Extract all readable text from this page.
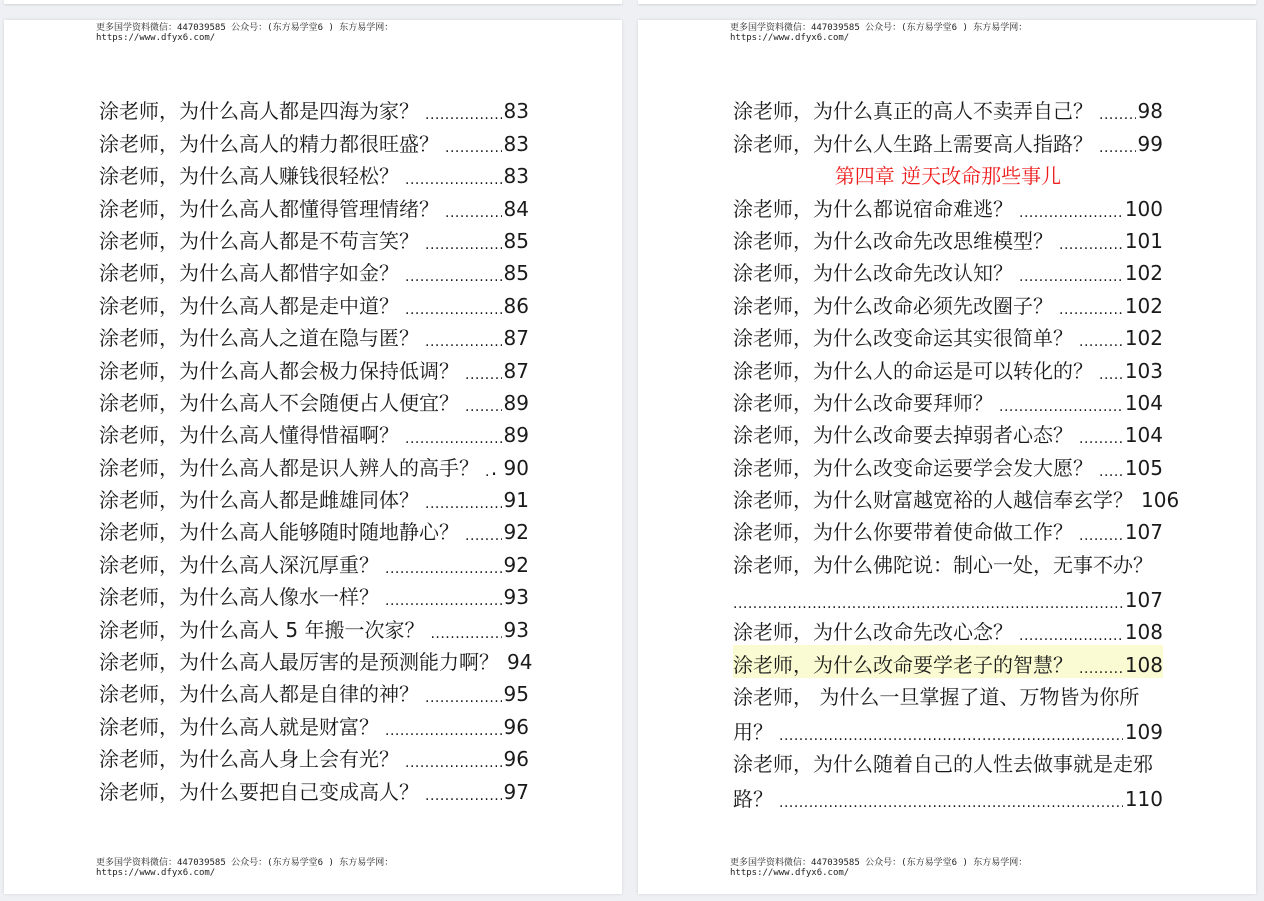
更多国学资料微信：447039585 公众号：(东方易学堂6 ) 东方易学网：
https://www.dfyx6.com/
涂老师，为什么高人都是四海为家？ .....	83
涂老师，为什么高人的精力都很旺盛？ .....	83
涂老师，为什么高人赚钱很轻松？ .....	83
涂老师，为什么高人都懂得管理情绪？ .....	84
涂老师，为什么高人都是不苟言笑？ .....	85
涂老师，为什么高人都惜字如金？ .....	85
涂老师，为什么高人都是走中道？ .....	86
涂老师，为什么高人之道在隐与匿？ .....	87
涂老师，为什么高人都会极力保持低调？ ..... 87
涂老师，为什么高人不会随便占人便宜？ ..... 89
涂老师，为什么高人懂得惜福啊？ .....	89
涂老师，为什么高人都是识人辨人的高手？ ..... . 90
涂老师，为什么高人都是雌雄同体？ .....	91
涂老师，为什么高人能够随时随地静心？ ..... 92
涂老师，为什么高人深沉厚重？ .....	92
涂老师，为什么高人像水一样？ .....	93
涂老师，为什么高人 5 年搬一次家？ .....	93
涂老师，为什么高人最厉害的是预测能力啊？ 94
涂老师，为什么高人都是自律的神？ .....	95
涂老师，为什么高人就是财富？ .....	96
涂老师，为什么高人身上会有光？ .....	96
涂老师，为什么要把自己变成高人？ .....	97
更多国学资料微信：447039585 公众号：(东方易学堂6 ) 东方易学网：
https://www.dfyx6.com/
更多国学资料微信：447039585 公众号：(东方易学堂6 ) 东方易学网：
https://www.dfyx6.com/
涂老师，为什么真正的高人不卖弄自己？ ..... 98
涂老师，为什么人生路上需要高人指路？ ..... 99
第四章 逆天改命那些事儿
涂老师，为什么都说宿命难逃？ .....	100
涂老师，为什么改命先改思维模型？ .....	101
涂老师，为什么改命先改认知？ .....	102
涂老师，为什么改命必须先改圈子？ .....	102
涂老师，为什么改变命运其实很简单？ .....	102
涂老师，为什么人的命运是可以转化的？ ..... 103
涂老师，为什么改命要拜师？ .....	104
涂老师，为什么改命要去掉弱者心态？ .....	104
涂老师，为什么改变命运要学会发大愿？ ..... 105
涂老师，为什么财富越宽裕的人越信奉玄学？ 106
涂老师，为什么你要带着使命做工作？ .....	107
涂老师，为什么佛陀说：制心一处，无事不办？
.....
107
涂老师，为什么改命先改心念？ .....	108
涂老师，为什么改命要学老子的智慧？ .....	108
涂老师， 为什么一旦掌握了道、万物皆为你所
用？ .....	109
涂老师，为什么随着自己的人性去做事就是走邪
路？ .....	110
更多国学资料微信：447039585 公众号：(东方易学堂6 ) 东方易学网：
https://www.dfyx6.com/
